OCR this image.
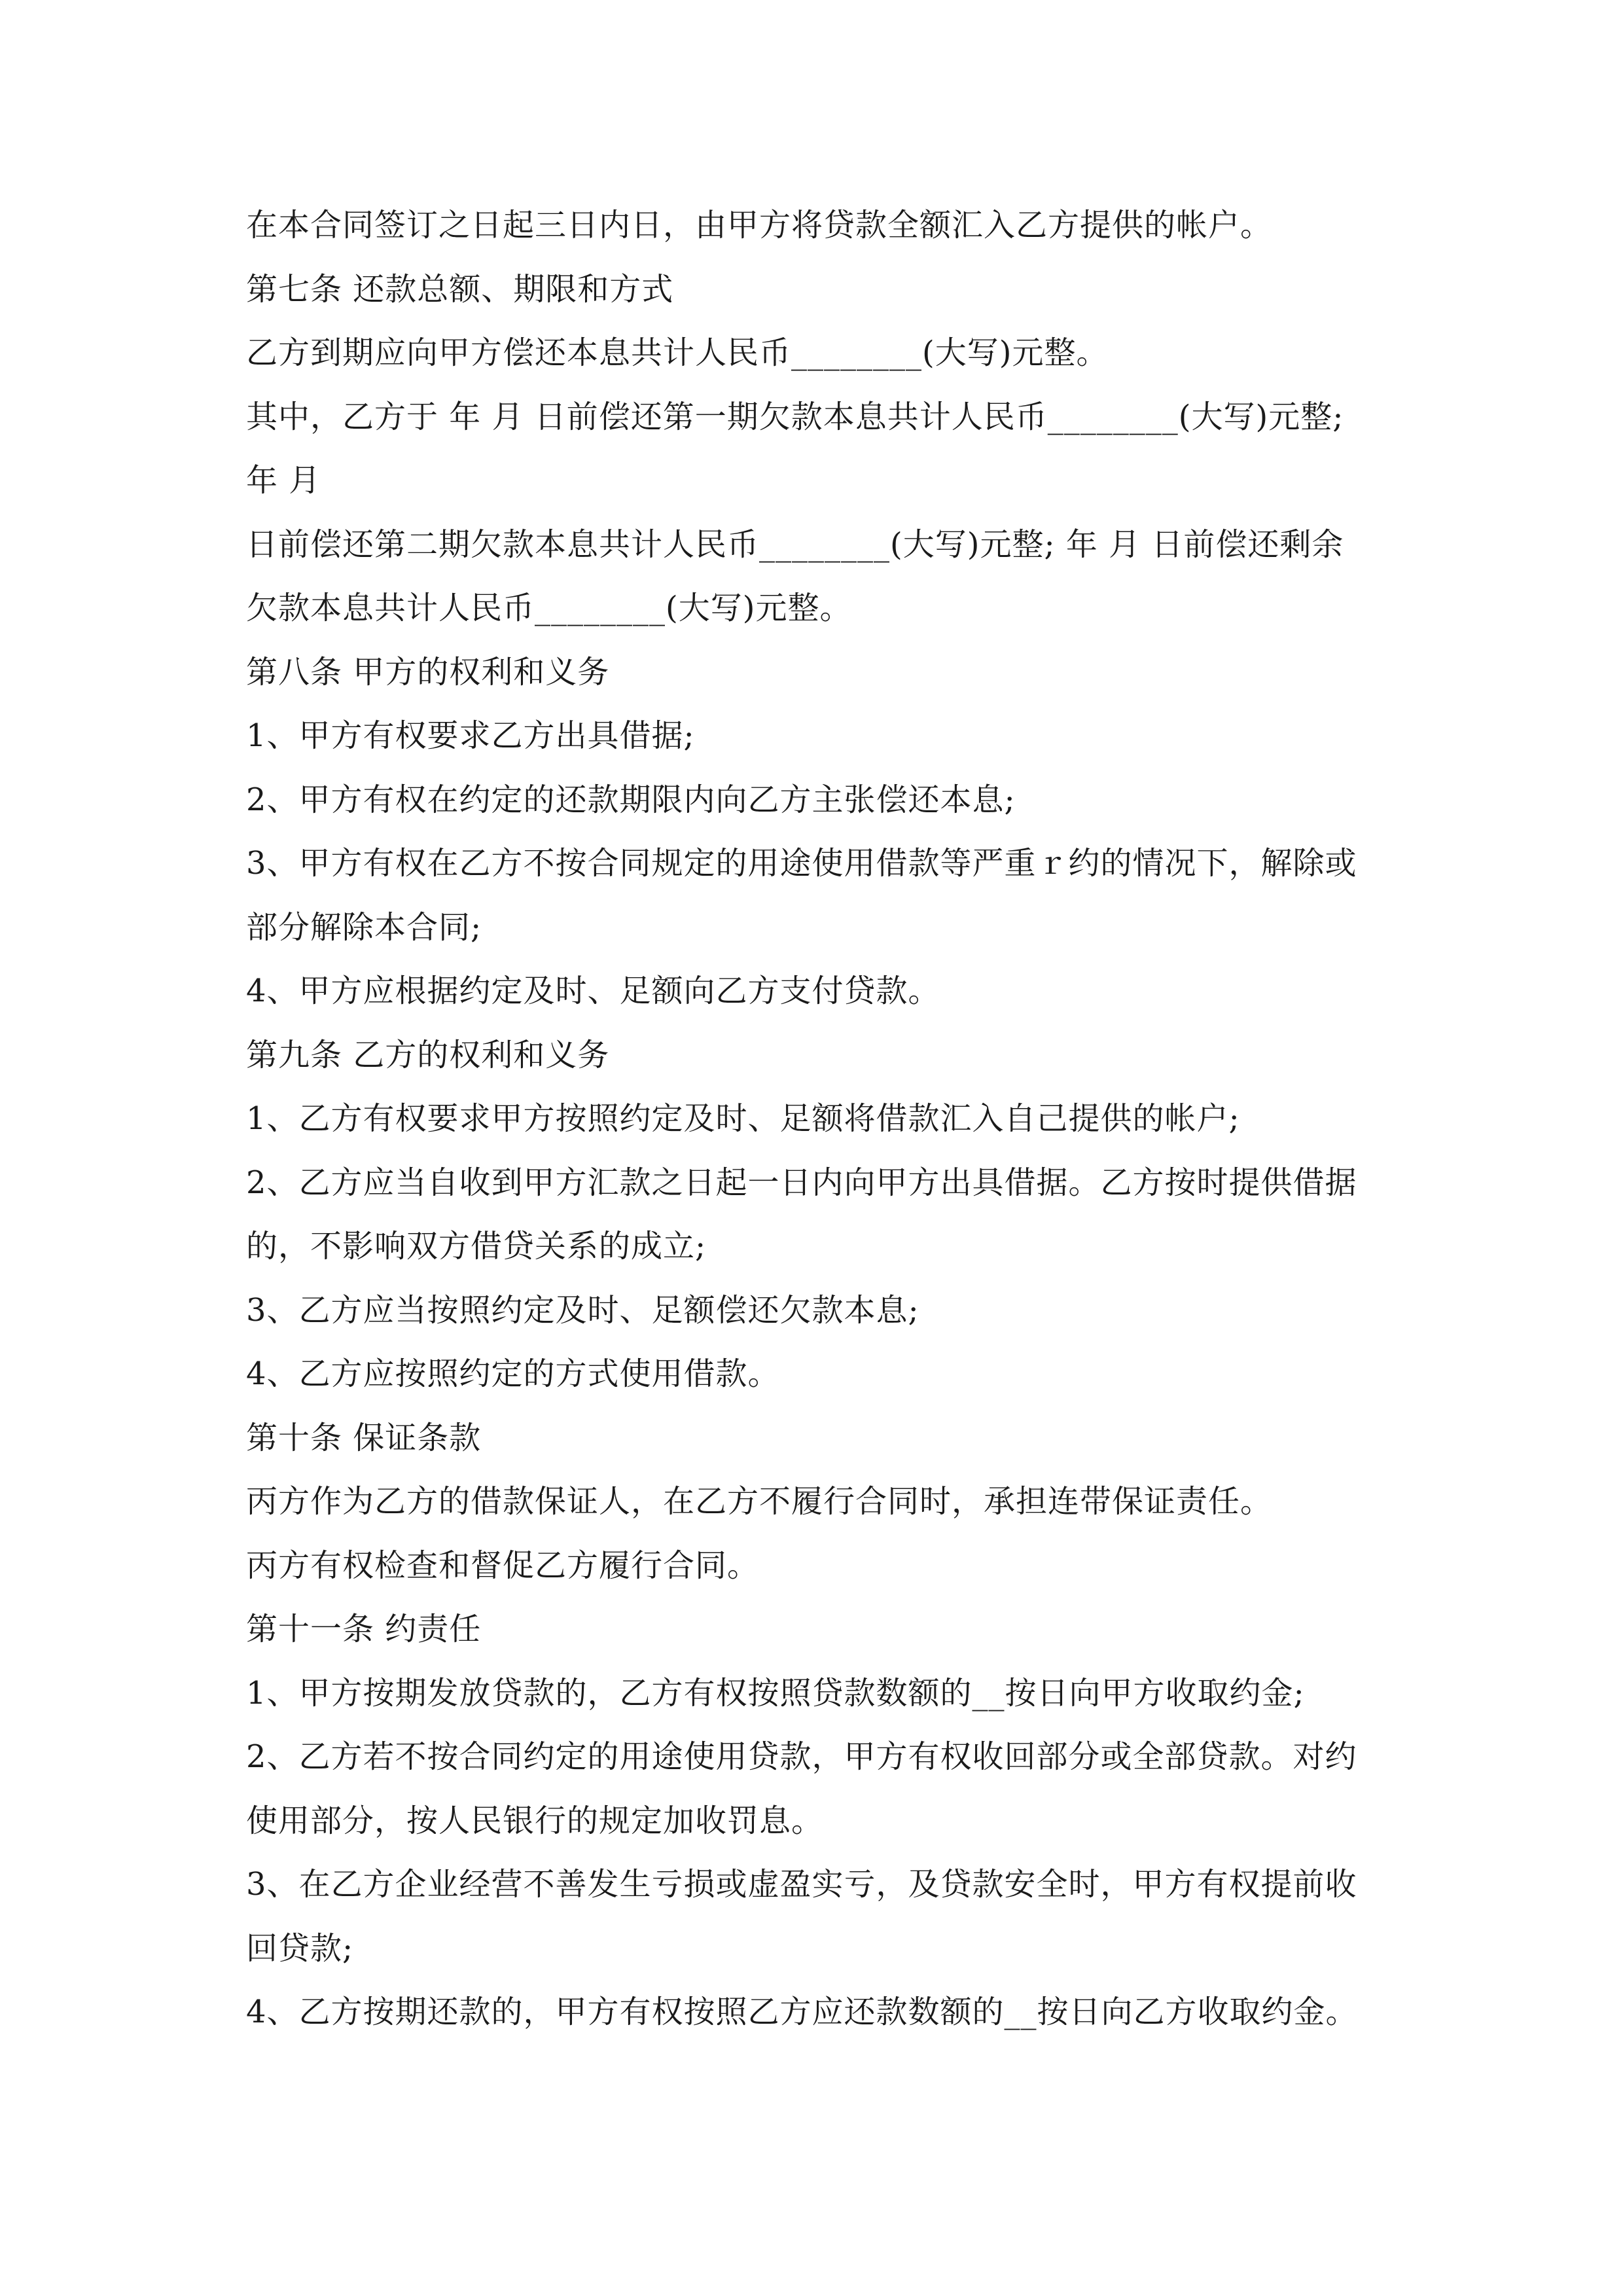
在本合同签订之日起三日内日，由甲方将贷款全额汇入乙方提供的帐户。
第七条 还款总额、期限和方式
乙方到期应向甲方偿还本息共计人民币________(大写)元整。
其中，乙方于 年 月 日前偿还第一期欠款本息共计人民币________(大写)元整;
年 月
日前偿还第二期欠款本息共计人民币________(大写)元整; 年 月 日前偿还剩余
欠款本息共计人民币________(大写)元整。
第八条 甲方的权利和义务
1、甲方有权要求乙方出具借据;
2、甲方有权在约定的还款期限内向乙方主张偿还本息;
3、甲方有权在乙方不按合同规定的用途使用借款等严重ｒ约的情况下，解除或
部分解除本合同;
4、甲方应根据约定及时、足额向乙方支付贷款。
第九条 乙方的权利和义务
1、乙方有权要求甲方按照约定及时、足额将借款汇入自己提供的帐户;
2、乙方应当自收到甲方汇款之日起一日内向甲方出具借据。乙方按时提供借据
的，不影响双方借贷关系的成立;
3、乙方应当按照约定及时、足额偿还欠款本息;
4、乙方应按照约定的方式使用借款。
第十条 保证条款
丙方作为乙方的借款保证人，在乙方不履行合同时，承担连带保证责任。
丙方有权检查和督促乙方履行合同。
第十一条 约责任
1、甲方按期发放贷款的，乙方有权按照贷款数额的__按日向甲方收取约金;
2、乙方若不按合同约定的用途使用贷款，甲方有权收回部分或全部贷款。对约
使用部分，按人民银行的规定加收罚息。
3、在乙方企业经营不善发生亏损或虚盈实亏，及贷款安全时，甲方有权提前收
回贷款;
4、乙方按期还款的，甲方有权按照乙方应还款数额的__按日向乙方收取约金。
